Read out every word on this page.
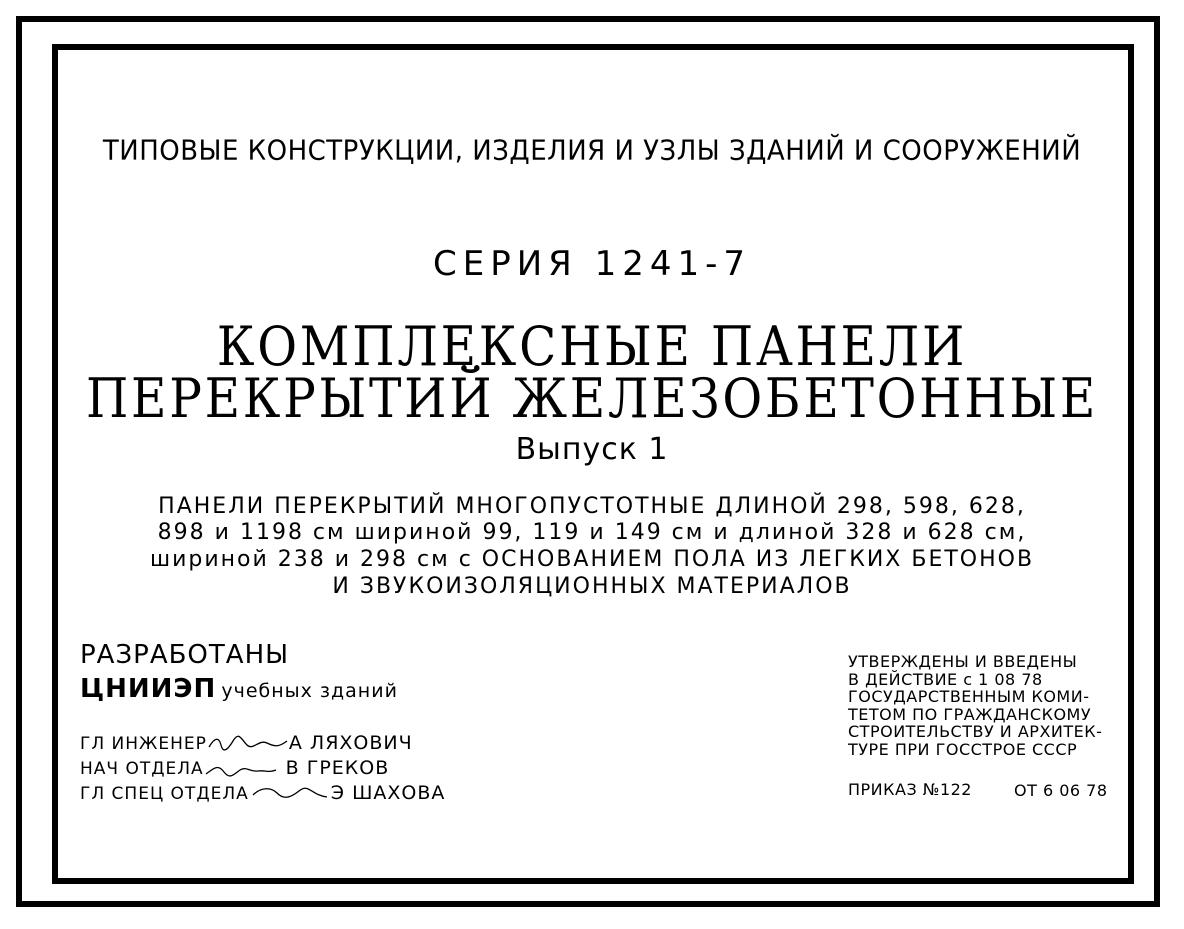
ТИПОВЫЕ КОНСТРУКЦИИ, ИЗДЕЛИЯ И УЗЛЫ ЗДАНИЙ И СООРУЖЕНИЙ
СЕРИЯ 1241-7
КОМПЛЕКСНЫЕ ПАНЕЛИ
ПЕРЕКРЫТИЙ ЖЕЛЕЗОБЕТОННЫЕ
Выпуск 1
ПАНЕЛИ ПЕРЕКРЫТИЙ МНОГОПУСТОТНЫЕ ДЛИНОЙ 298, 598, 628,
898 и 1198 см шириной 99, 119 и 149 см и длиной 328 и 628 см,
шириной 238 и 298 см с ОСНОВАНИЕМ ПОЛА ИЗ ЛЕГКИХ БЕТОНОВ
И ЗВУКОИЗОЛЯЦИОННЫХ МАТЕРИАЛОВ
РАЗРАБОТАНЫ
ЦНИИЭП учебных зданий
ГЛ ИНЖЕНЕР	А ЛЯХОВИЧ
НАЧ ОТДЕЛА	В ГРЕКОВ
ГЛ СПЕЦ ОТДЕЛА	Э ШАХОВА
УТВЕРЖДЕНЫ И ВВЕДЕНЫ
В ДЕЙСТВИЕ с 1 08 78
ГОСУДАРСТВЕННЫМ КОМИ-
ТЕТОМ ПО ГРАЖДАНСКОМУ
СТРОИТЕЛЬСТВУ И АРХИТЕК-
ТУРЕ ПРИ ГОССТРОЕ СССР
ПРИКАЗ №122	ОТ 6 06 78
